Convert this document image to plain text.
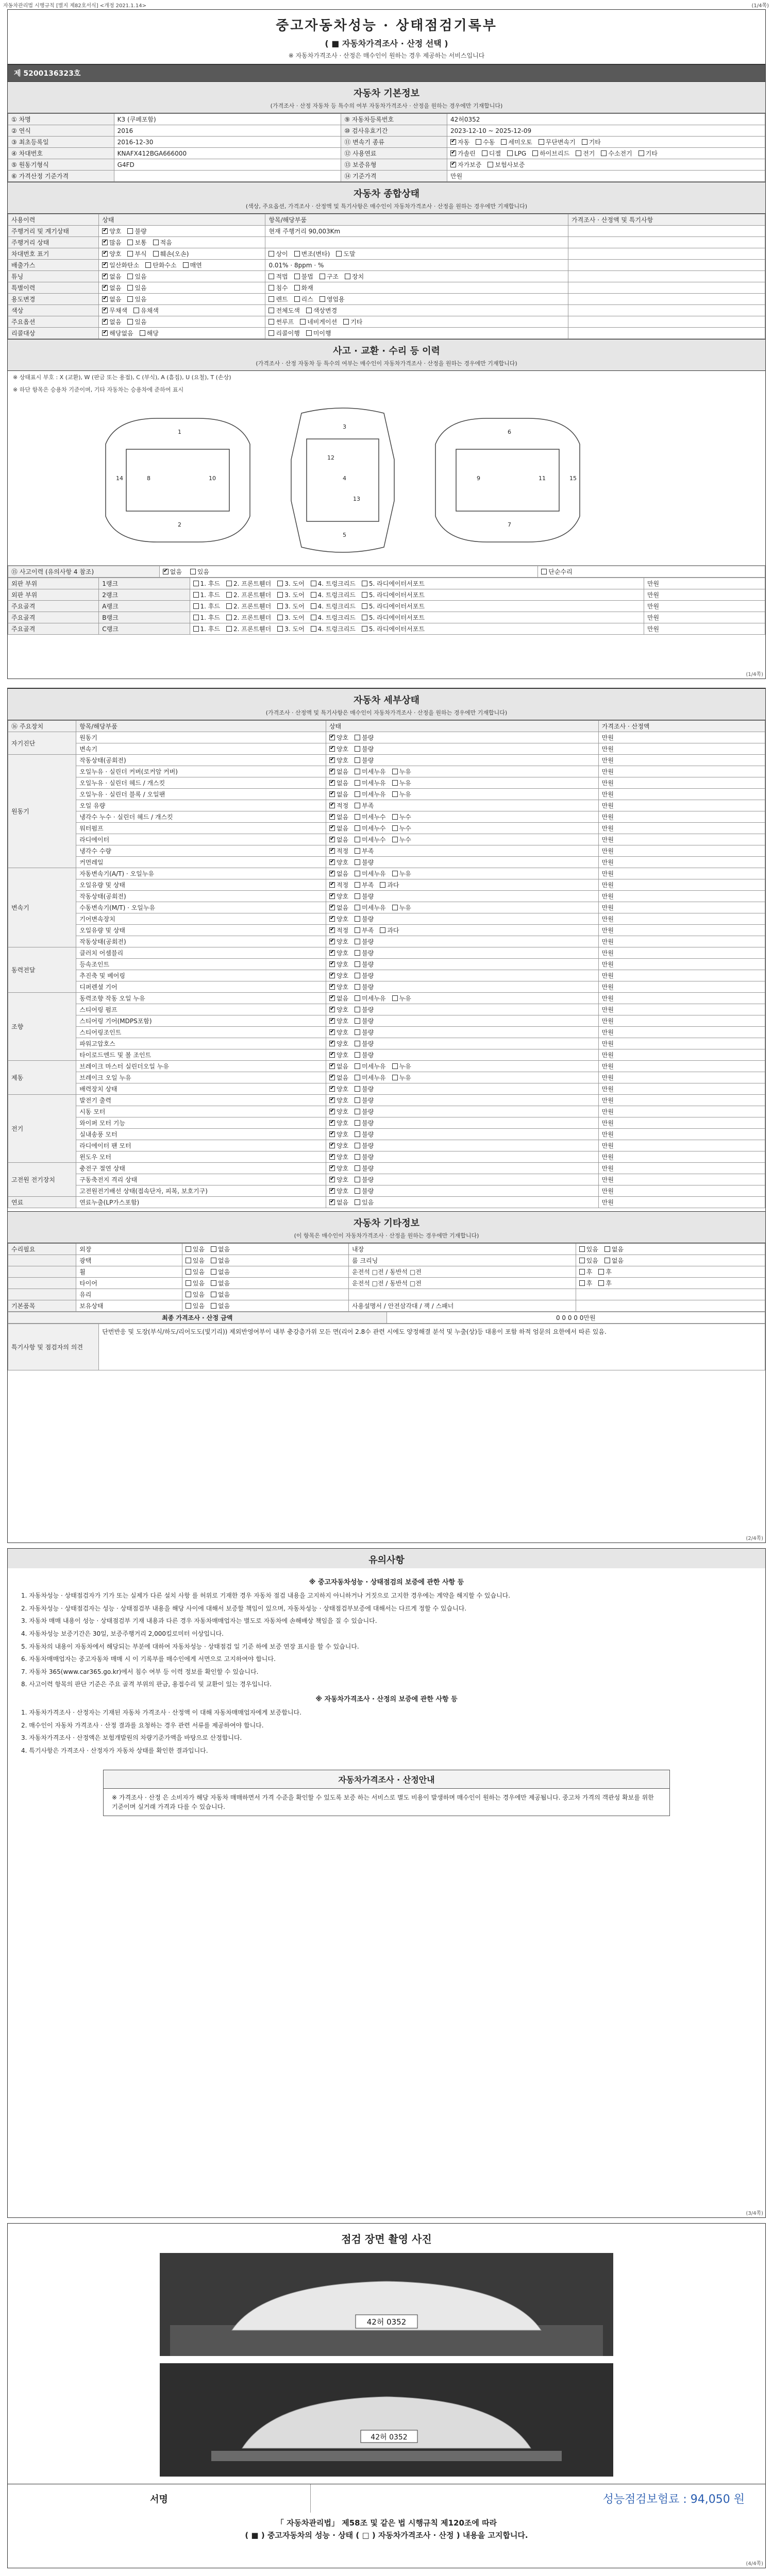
자동차관리법 시행규칙 [별지 제82호서식] <개정 2021.1.14>	(1/4쪽)
중고자동차성능 · 상태점검기록부
( ■ 자동차가격조사 · 산정 선택 )
※ 자동차가격조사 · 산정은 매수인이 원하는 경우 제공하는 서비스입니다
제 5200136323호
자동차 기본정보
(가격조사 · 산정 자동차 등 특수의 여부 자동차가격조사 · 산정을 원하는 경우에만 기재합니다)
① 차명	K3 (쿠페포함)	⑨ 자동차등록번호	42허0352
② 연식	2016	⑩ 검사유효기간	2023-12-10 ~ 2025-12-09
③ 최초등록일	2016-12-30	⑪ 변속기 종류	✔자동 수동 세미오토 무단변속기 기타
④ 차대번호	KNAFX412BGA666000	⑫ 사용연료	✔가솔린 디젤 LPG 하이브리드 전기 수소전기 기타
⑤ 원동기형식	G4FD	⑬ 보증유형	✔자가보증 보험사보증
⑥ 가격산정 기준가격		⑭ 기준가격	만원
자동차 종합상태
(색상, 주요옵션, 가격조사 · 산정액 및 특기사항은 매수인이 자동차가격조사 · 산정을 원하는 경우에만 기재합니다)
사용이력	상태	항목/해당부품	가격조사 · 산정액 및 특기사항
주행거리 및 계기상태	✔양호 불량	현재 주행거리 90,003Km	
주행거리 상태	✔많음 보통 적음		
차대번호 표기	✔양호 부식 훼손(오손)	상이 변조(변타) 도말	
배출가스	✔일산화탄소 탄화수소 매연	0.01% · 8ppm · %	
튜닝	✔없음 있음	적법 불법 구조 장치	
특별이력	✔없음 있음	침수 화재	
용도변경	✔없음 있음	렌트 리스 영업용	
색상	✔무채색 유채색	전체도색 색상변경	
주요옵션	✔없음 있음	썬루프 네비게이션 기타	
리콜대상	✔해당없음 해당	리콜이행 미이행	
사고 · 교환 · 수리 등 이력
(가격조사 · 산정 자동차 등 특수의 여부는 매수인이 자동차가격조사 · 산정을 원하는 경우에만 기재합니다)
※ 상태표시 부호 : X (교환), W (판금 또는 용접), C (부식), A (흠집), U (요철), T (손상)
※ 하단 항목은 승용차 기준이며, 기타 자동차는 승용차에 준하여 표시
1
2
3
4
5
6
7
8	9
10	11
12
13
14	15
⑮ 사고이력 (유의사항 4 참조)	✔없음 있음	단순수리
외판 부위	1랭크	1. 후드 2. 프론트휀더 3. 도어 4. 트렁크리드 5. 라디에이터서포트	만원
외판 부위	2랭크	1. 후드 2. 프론트휀더 3. 도어 4. 트렁크리드 5. 라디에이터서포트	만원
주요골격	A랭크	1. 후드 2. 프론트휀더 3. 도어 4. 트렁크리드 5. 라디에이터서포트	만원
주요골격	B랭크	1. 후드 2. 프론트휀더 3. 도어 4. 트렁크리드 5. 라디에이터서포트	만원
주요골격	C랭크	1. 후드 2. 프론트휀더 3. 도어 4. 트렁크리드 5. 라디에이터서포트	만원
(1/4쪽)
자동차 세부상태
(가격조사 · 산정액 및 특기사항은 매수인이 자동차가격조사 · 산정을 원하는 경우에만 기재합니다)
⑯ 주요장치	항목/해당부품	상태	가격조사 · 산정액
자기진단	원동기	✔양호 불량	만원
	변속기	✔양호 불량	만원
원동기	작동상태(공회전)	✔양호 불량	만원
	오일누유 · 실린더 커버(로커암 커버)	✔없음 미세누유 누유	만원
	오일누유 · 실린더 헤드 / 개스킷	✔없음 미세누유 누유	만원
	오일누유 · 실린더 블록 / 오일팬	✔없음 미세누유 누유	만원
	오일 유량	✔적정 부족	만원
	냉각수 누수 · 실린더 헤드 / 개스킷	✔없음 미세누수 누수	만원
	워터펌프	✔없음 미세누수 누수	만원
	라디에이터	✔없음 미세누수 누수	만원
	냉각수 수량	✔적정 부족	만원
	커먼레일	✔양호 불량	만원
변속기	자동변속기(A/T) · 오일누유	✔없음 미세누유 누유	만원
	오일유량 및 상태	✔적정 부족 과다	만원
	작동상태(공회전)	✔양호 불량	만원
	수동변속기(M/T) · 오일누유	✔없음 미세누유 누유	만원
	기어변속장치	✔양호 불량	만원
	오일유량 및 상태	✔적정 부족 과다	만원
	작동상태(공회전)	✔양호 불량	만원
동력전달	클러치 어셈블리	✔양호 불량	만원
	등속조인트	✔양호 불량	만원
	추진축 및 베어링	✔양호 불량	만원
	디퍼렌셜 기어	✔양호 불량	만원
조향	동력조향 작동 오일 누유	✔없음 미세누유 누유	만원
	스티어링 펌프	✔양호 불량	만원
	스티어링 기어(MDPS포함)	✔양호 불량	만원
	스티어링조인트	✔양호 불량	만원
	파워고압호스	✔양호 불량	만원
	타이로드엔드 및 볼 조인트	✔양호 불량	만원
제동	브레이크 마스터 실린더오일 누유	✔없음 미세누유 누유	만원
	브레이크 오일 누유	✔없음 미세누유 누유	만원
	배력장치 상태	✔양호 불량	만원
전기	발전기 출력	✔양호 불량	만원
	시동 모터	✔양호 불량	만원
	와이퍼 모터 기능	✔양호 불량	만원
	실내송풍 모터	✔양호 불량	만원
	라디에이터 팬 모터	✔양호 불량	만원
	윈도우 모터	✔양호 불량	만원
고전원 전기장치	충전구 절연 상태	✔양호 불량	만원
	구동축전지 격리 상태	✔양호 불량	만원
	고전원전기배선 상태(접속단자, 피복, 보호기구)	✔양호 불량	만원
연료	연료누출(LP가스포함)	✔없음 있음	만원
자동차 기타정보
(이 항목은 매수인이 자동차가격조사 · 산정을 원하는 경우에만 기재합니다)
수리필요	외장	있음 없음	내장	있음 없음
	광택	있음 없음	룸 크리닝	있음 없음
	휠	있음 없음	운전석 □전 / 동반석 □전	후 후
	타이어	있음 없음	운전석 □전 / 동반석 □전	후 후
	유리	있음 없음		
기본품목	보유상태	있음 없음	사용설명서 / 안전삼각대 / 잭 / 스패너	
최종 가격조사 · 산정 금액	0 0 0 0 0만원
특기사항 및 점검자의 의견	단번반응 및 도장(부식/하도/리어도도(빛기리)) 제외반영여부이 내부 충강층가위 모든 면(리어 2.8수 관련 시에도 양정해결 분석 및 누출(상)등 대용이 포함 하적 엄문의 요한에서 따른 있음.
(2/4쪽)
유의사항
※ 중고자동차성능 · 상태점검의 보증에 관한 사항 등

1. 자동차성능 · 상태점검자가 기가 또는 실제가 다른 설치 사항 를 허위로 기재한 경우 자동차 점검 내용을 고지하지 아니하거나 거짓으로 고지한 경우에는 계약을 해지할 수 있습니다.

2. 자동차성능 · 상태점검자는 성능 · 상태점검부 내용을 해당 사이에 대해서 보증할 책임이 있으며, 자동차성능 · 상태점검부보증에 대해서는 다르게 정할 수 있습니다.

3. 자동차 매매 내용이 성능 · 상태점검부 기재 내용과 다른 경우 자동차매매업자는 별도로 자동차에 손해배상 책임을 질 수 있습니다.

4. 자동차성능 보증기간은 30일, 보증주행거리 2,000킬로미터 이상입니다.

5. 자동차의 내용이 자동차에서 해당되는 부분에 대하여 자동차성능 · 상태점검 일 기준 하에 보증 연장 표시를 할 수 있습니다.

6. 자동차매매업자는 중고자동차 매매 시 이 기록부를 매수인에게 서면으로 고지하여야 합니다.

7. 자동차 365(www.car365.go.kr)에서 침수 여부 등 이력 정보를 확인할 수 있습니다.

8. 사고이력 항목의 판단 기준은 주요 골격 부위의 판금, 용접수리 및 교환이 있는 경우입니다.

※ 자동차가격조사 · 산정의 보증에 관한 사항 등

1. 자동차가격조사 · 산정자는 기재된 자동차 가격조사 · 산정액 이 대해 자동차매매업자에게 보증합니다.

2. 매수인이 자동차 가격조사 · 산정 결과를 요청하는 경우 관련 서류를 제공하여야 합니다.

3. 자동차가격조사 · 산정액은 보험개발원의 차량기준가액을 바탕으로 산정합니다.

4. 특기사항은 가격조사 · 산정자가 자동차 상태를 확인한 결과입니다.

자동차가격조사 · 산정안내
※ 가격조사 · 산정 은 소비자가 해당 자동차 매매하면서 가격 수준을 확인할 수 있도록 보증 하는 서비스로 별도 비용이 발생하며 매수인이 원하는 경우에만 제공됩니다. 중고차 가격의 객관성 확보를 위한 기준이며 실거래 가격과 다를 수 있습니다.
(3/4쪽)
점검 장면 촬영 사진
42허 0352
42허 0352
서명	성능점검보험료 : 94,050 원
「 자동차관리법」 제58조 및 같은 법 시행규칙 제120조에 따라
( ■ ) 중고자동차의 성능 · 상태 ( □ ) 자동차가격조사 · 산정 ) 내용을 고지합니다.
(4/4쪽)
